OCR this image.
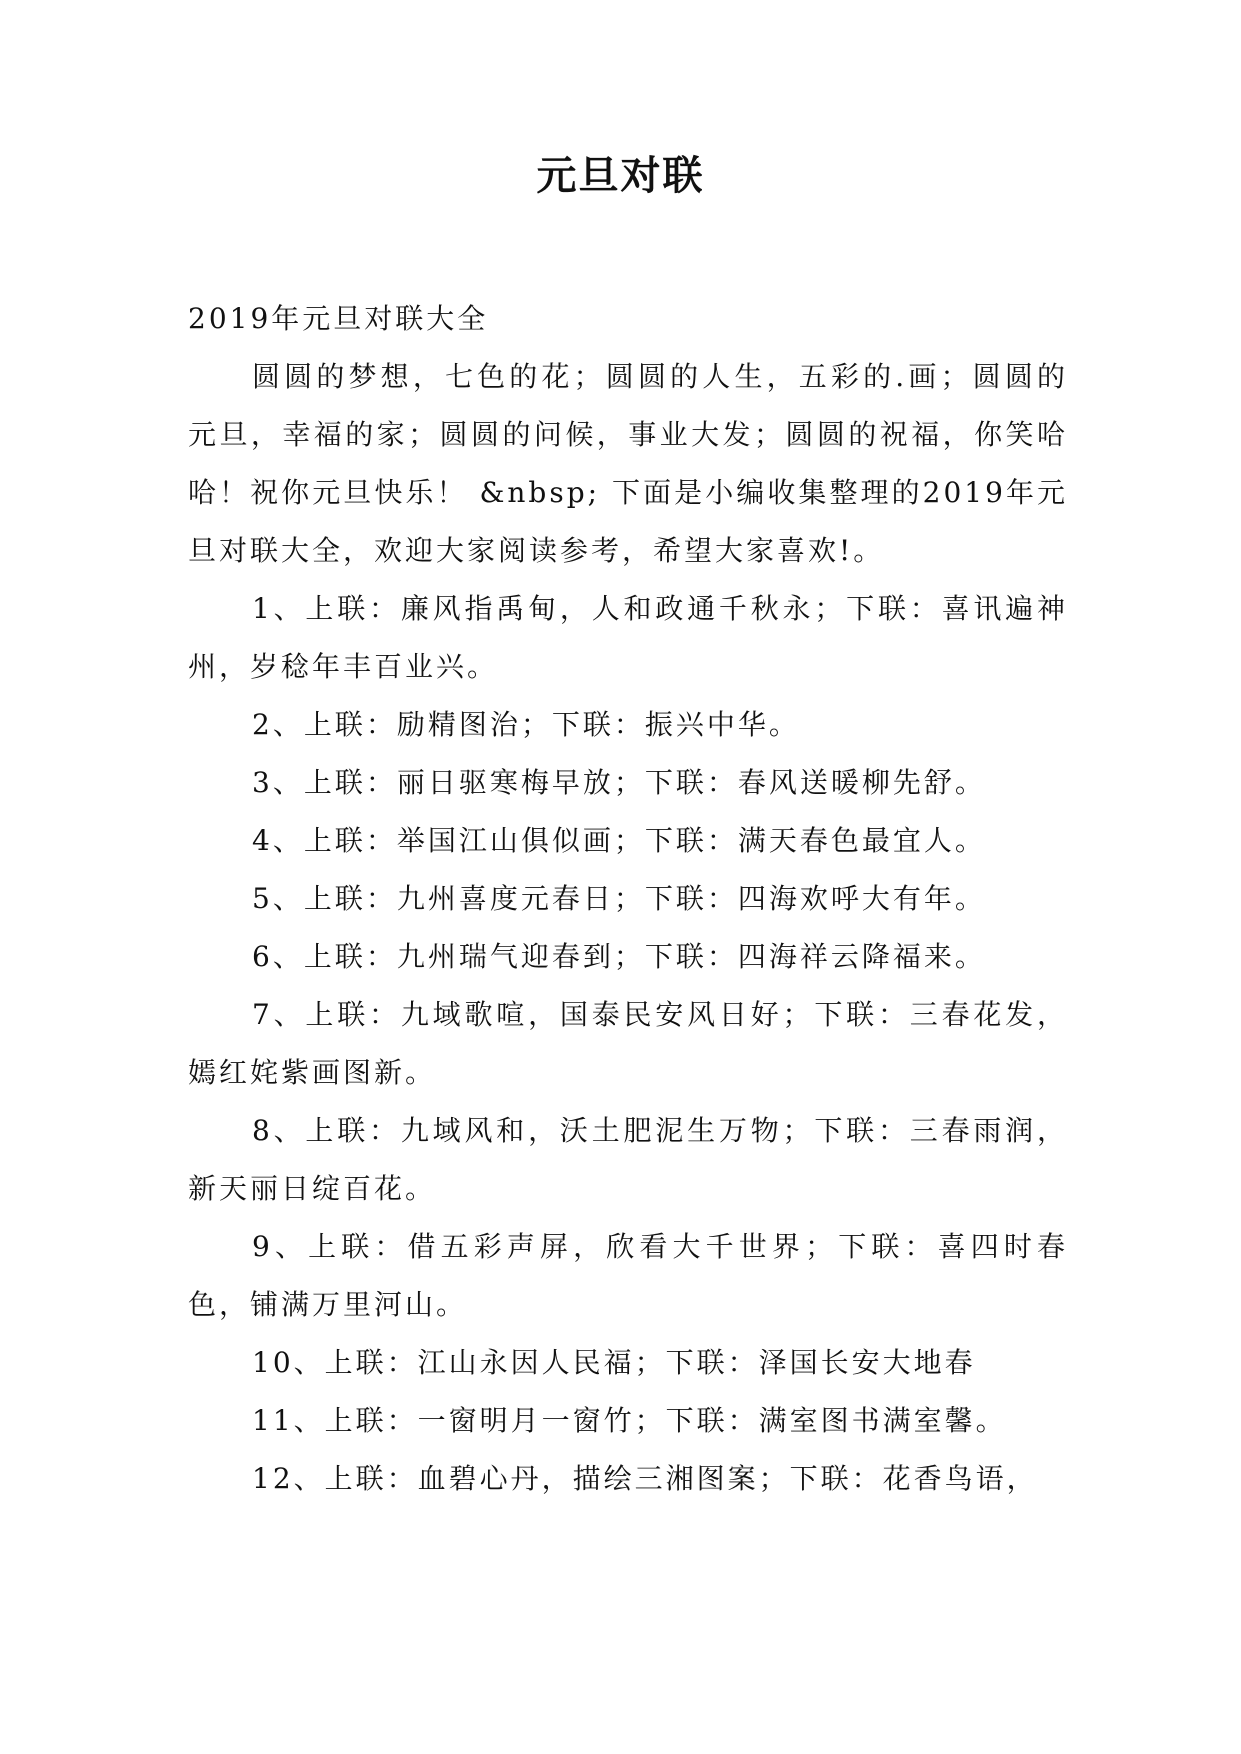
元旦对联

2019年元旦对联大全

圆圆的梦想，七色的花；圆圆的人生，五彩的.画；圆圆的元旦，幸福的家；圆圆的问候，事业大发；圆圆的祝福，你笑哈哈！祝你元旦快乐！ &nbsp; 下面是小编收集整理的2019年元旦对联大全，欢迎大家阅读参考，希望大家喜欢!。

1、上联：廉风指禹甸，人和政通千秋永；下联：喜讯遍神州，岁稔年丰百业兴。

2、上联：励精图治；下联：振兴中华。

3、上联：丽日驱寒梅早放；下联：春风送暖柳先舒。

4、上联：举国江山俱似画；下联：满天春色最宜人。

5、上联：九州喜度元春日；下联：四海欢呼大有年。

6、上联：九州瑞气迎春到；下联：四海祥云降福来。

7、上联：九域歌喧，国泰民安风日好；下联：三春花发，嫣红姹紫画图新。

8、上联：九域风和，沃土肥泥生万物；下联：三春雨润，新天丽日绽百花。

9、上联：借五彩声屏，欣看大千世界；下联：喜四时春色，铺满万里河山。

10、上联：江山永因人民福；下联：泽国长安大地春

11、上联：一窗明月一窗竹；下联：满室图书满室馨。

12、上联：血碧心丹，描绘三湘图案；下联：花香鸟语，
